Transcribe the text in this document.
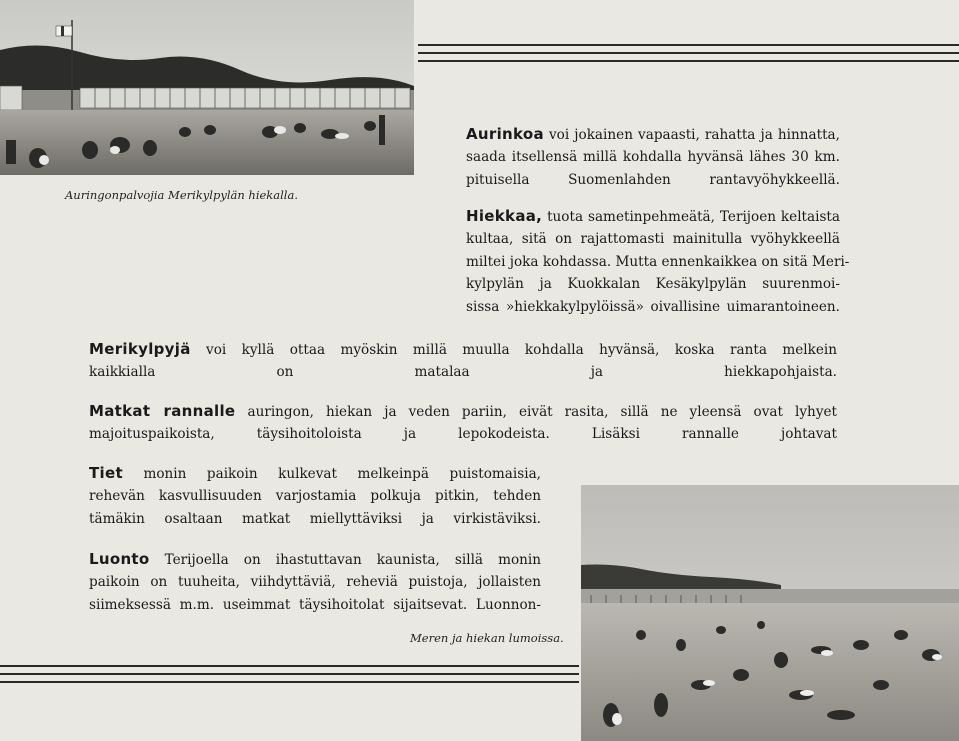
Auringonpalvojia Merikylpylän hiekalla.
Aurinkoa voi jokainen vapaasti, rahatta ja hinnatta,
saada itsellensä millä kohdalla hyvänsä lähes 30 km.
pituisella Suomenlahden rantavyöhykkeellä.
Hiekkaa, tuota sametinpehmeätä, Terijoen keltaista
kultaa, sitä on rajattomasti mainitulla vyöhykkeellä
miltei joka kohdassa. Mutta ennenkaikkea on sitä Meri-
kylpylän ja Kuokkalan Kesäkylpylän suurenmoi-
sissa »hiekkakylpylöissä» oivallisine uimarantoineen.
Merikylpyjä voi kyllä ottaa myöskin millä muulla kohdalla hyvänsä, koska ranta melkein
kaikkialla on matalaa ja hiekkapohjaista.
Matkat rannalle auringon, hiekan ja veden pariin, eivät rasita, sillä ne yleensä ovat lyhyet
majoituspaikoista, täysihoitoloista ja lepokodeista. Lisäksi rannalle johtavat
Tiet monin paikoin kulkevat melkeinpä puistomaisia,
rehevän kasvullisuuden varjostamia polkuja pitkin, tehden
tämäkin osaltaan matkat miellyttäviksi ja virkistäviksi.
Luonto Terijoella on ihastuttavan kaunista, sillä monin
paikoin on tuuheita, viihdyttäviä, reheviä puistoja, jollaisten
siimeksessä m.m. useimmat täysihoitolat sijaitsevat. Luonnon-
Meren ja hiekan lumoissa.
